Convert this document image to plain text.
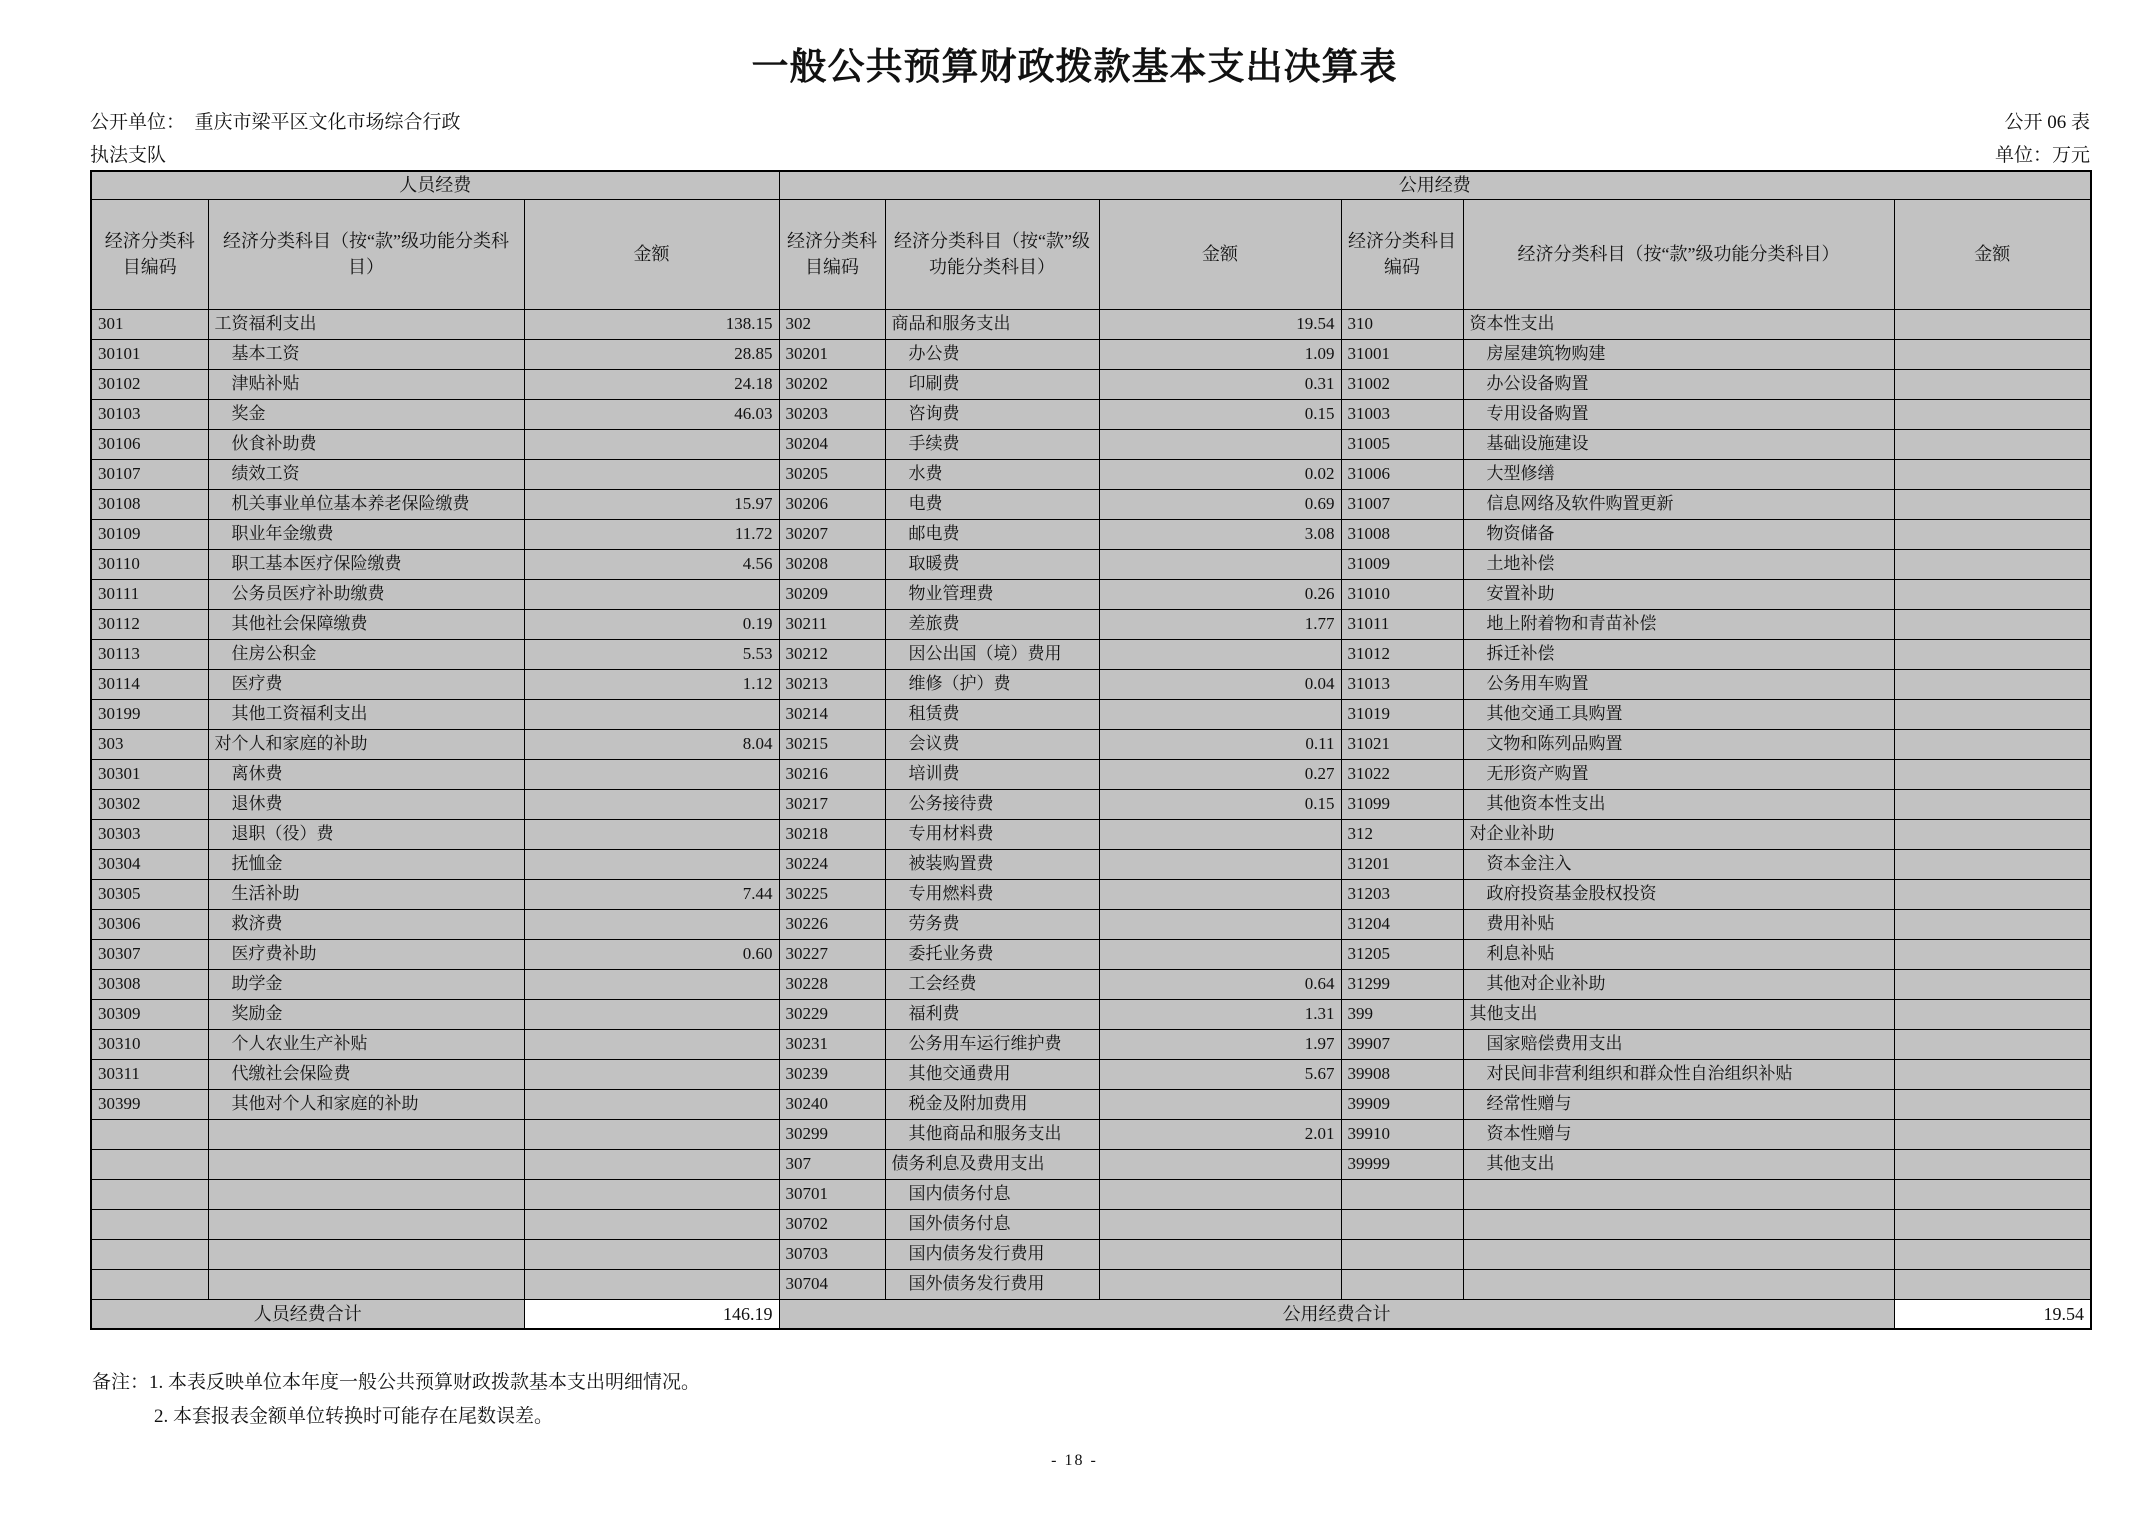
一般公共预算财政拨款基本支出决算表
公开单位：　重庆市梁平区文化市场综合行政
执法支队
公开 06 表
单位：万元
人员经费			公用经费					
经济分类科目编码	经济分类科目（按“款”级功能分类科目）	金额	经济分类科目编码	经济分类科目（按“款”级功能分类科目）	金额	经济分类科目编码	经济分类科目（按“款”级功能分类科目）	金额
301	工资福利支出	138.15	302	商品和服务支出	19.54	310	资本性支出	
30101	　基本工资	28.85	30201	　办公费	1.09	31001	　房屋建筑物购建	
30102	　津贴补贴	24.18	30202	　印刷费	0.31	31002	　办公设备购置	
30103	　奖金	46.03	30203	　咨询费	0.15	31003	　专用设备购置	
30106	　伙食补助费		30204	　手续费		31005	　基础设施建设	
30107	　绩效工资		30205	　水费	0.02	31006	　大型修缮	
30108	　机关事业单位基本养老保险缴费	15.97	30206	　电费	0.69	31007	　信息网络及软件购置更新	
30109	　职业年金缴费	11.72	30207	　邮电费	3.08	31008	　物资储备	
30110	　职工基本医疗保险缴费	4.56	30208	　取暖费		31009	　土地补偿	
30111	　公务员医疗补助缴费		30209	　物业管理费	0.26	31010	　安置补助	
30112	　其他社会保障缴费	0.19	30211	　差旅费	1.77	31011	　地上附着物和青苗补偿	
30113	　住房公积金	5.53	30212	　因公出国（境）费用		31012	　拆迁补偿	
30114	　医疗费	1.12	30213	　维修（护）费	0.04	31013	　公务用车购置	
30199	　其他工资福利支出		30214	　租赁费		31019	　其他交通工具购置	
303	对个人和家庭的补助	8.04	30215	　会议费	0.11	31021	　文物和陈列品购置	
30301	　离休费		30216	　培训费	0.27	31022	　无形资产购置	
30302	　退休费		30217	　公务接待费	0.15	31099	　其他资本性支出	
30303	　退职（役）费		30218	　专用材料费		312	对企业补助	
30304	　抚恤金		30224	　被装购置费		31201	　资本金注入	
30305	　生活补助	7.44	30225	　专用燃料费		31203	　政府投资基金股权投资	
30306	　救济费		30226	　劳务费		31204	　费用补贴	
30307	　医疗费补助	0.60	30227	　委托业务费		31205	　利息补贴	
30308	　助学金		30228	　工会经费	0.64	31299	　其他对企业补助	
30309	　奖励金		30229	　福利费	1.31	399	其他支出	
30310	　个人农业生产补贴		30231	　公务用车运行维护费	1.97	39907	　国家赔偿费用支出	
30311	　代缴社会保险费		30239	　其他交通费用	5.67	39908	　对民间非营利组织和群众性自治组织补贴	
30399	　其他对个人和家庭的补助		30240	　税金及附加费用		39909	　经常性赠与	
			30299	　其他商品和服务支出	2.01	39910	　资本性赠与	
			307	债务利息及费用支出		39999	　其他支出	
			30701	　国内债务付息				
			30702	　国外债务付息				
			30703	　国内债务发行费用				
			30704	　国外债务发行费用				
人员经费合计		146.19	公用经费合计					19.54
备注：1. 本表反映单位本年度一般公共预算财政拨款基本支出明细情况。
2. 本套报表金额单位转换时可能存在尾数误差。
- 18 -
